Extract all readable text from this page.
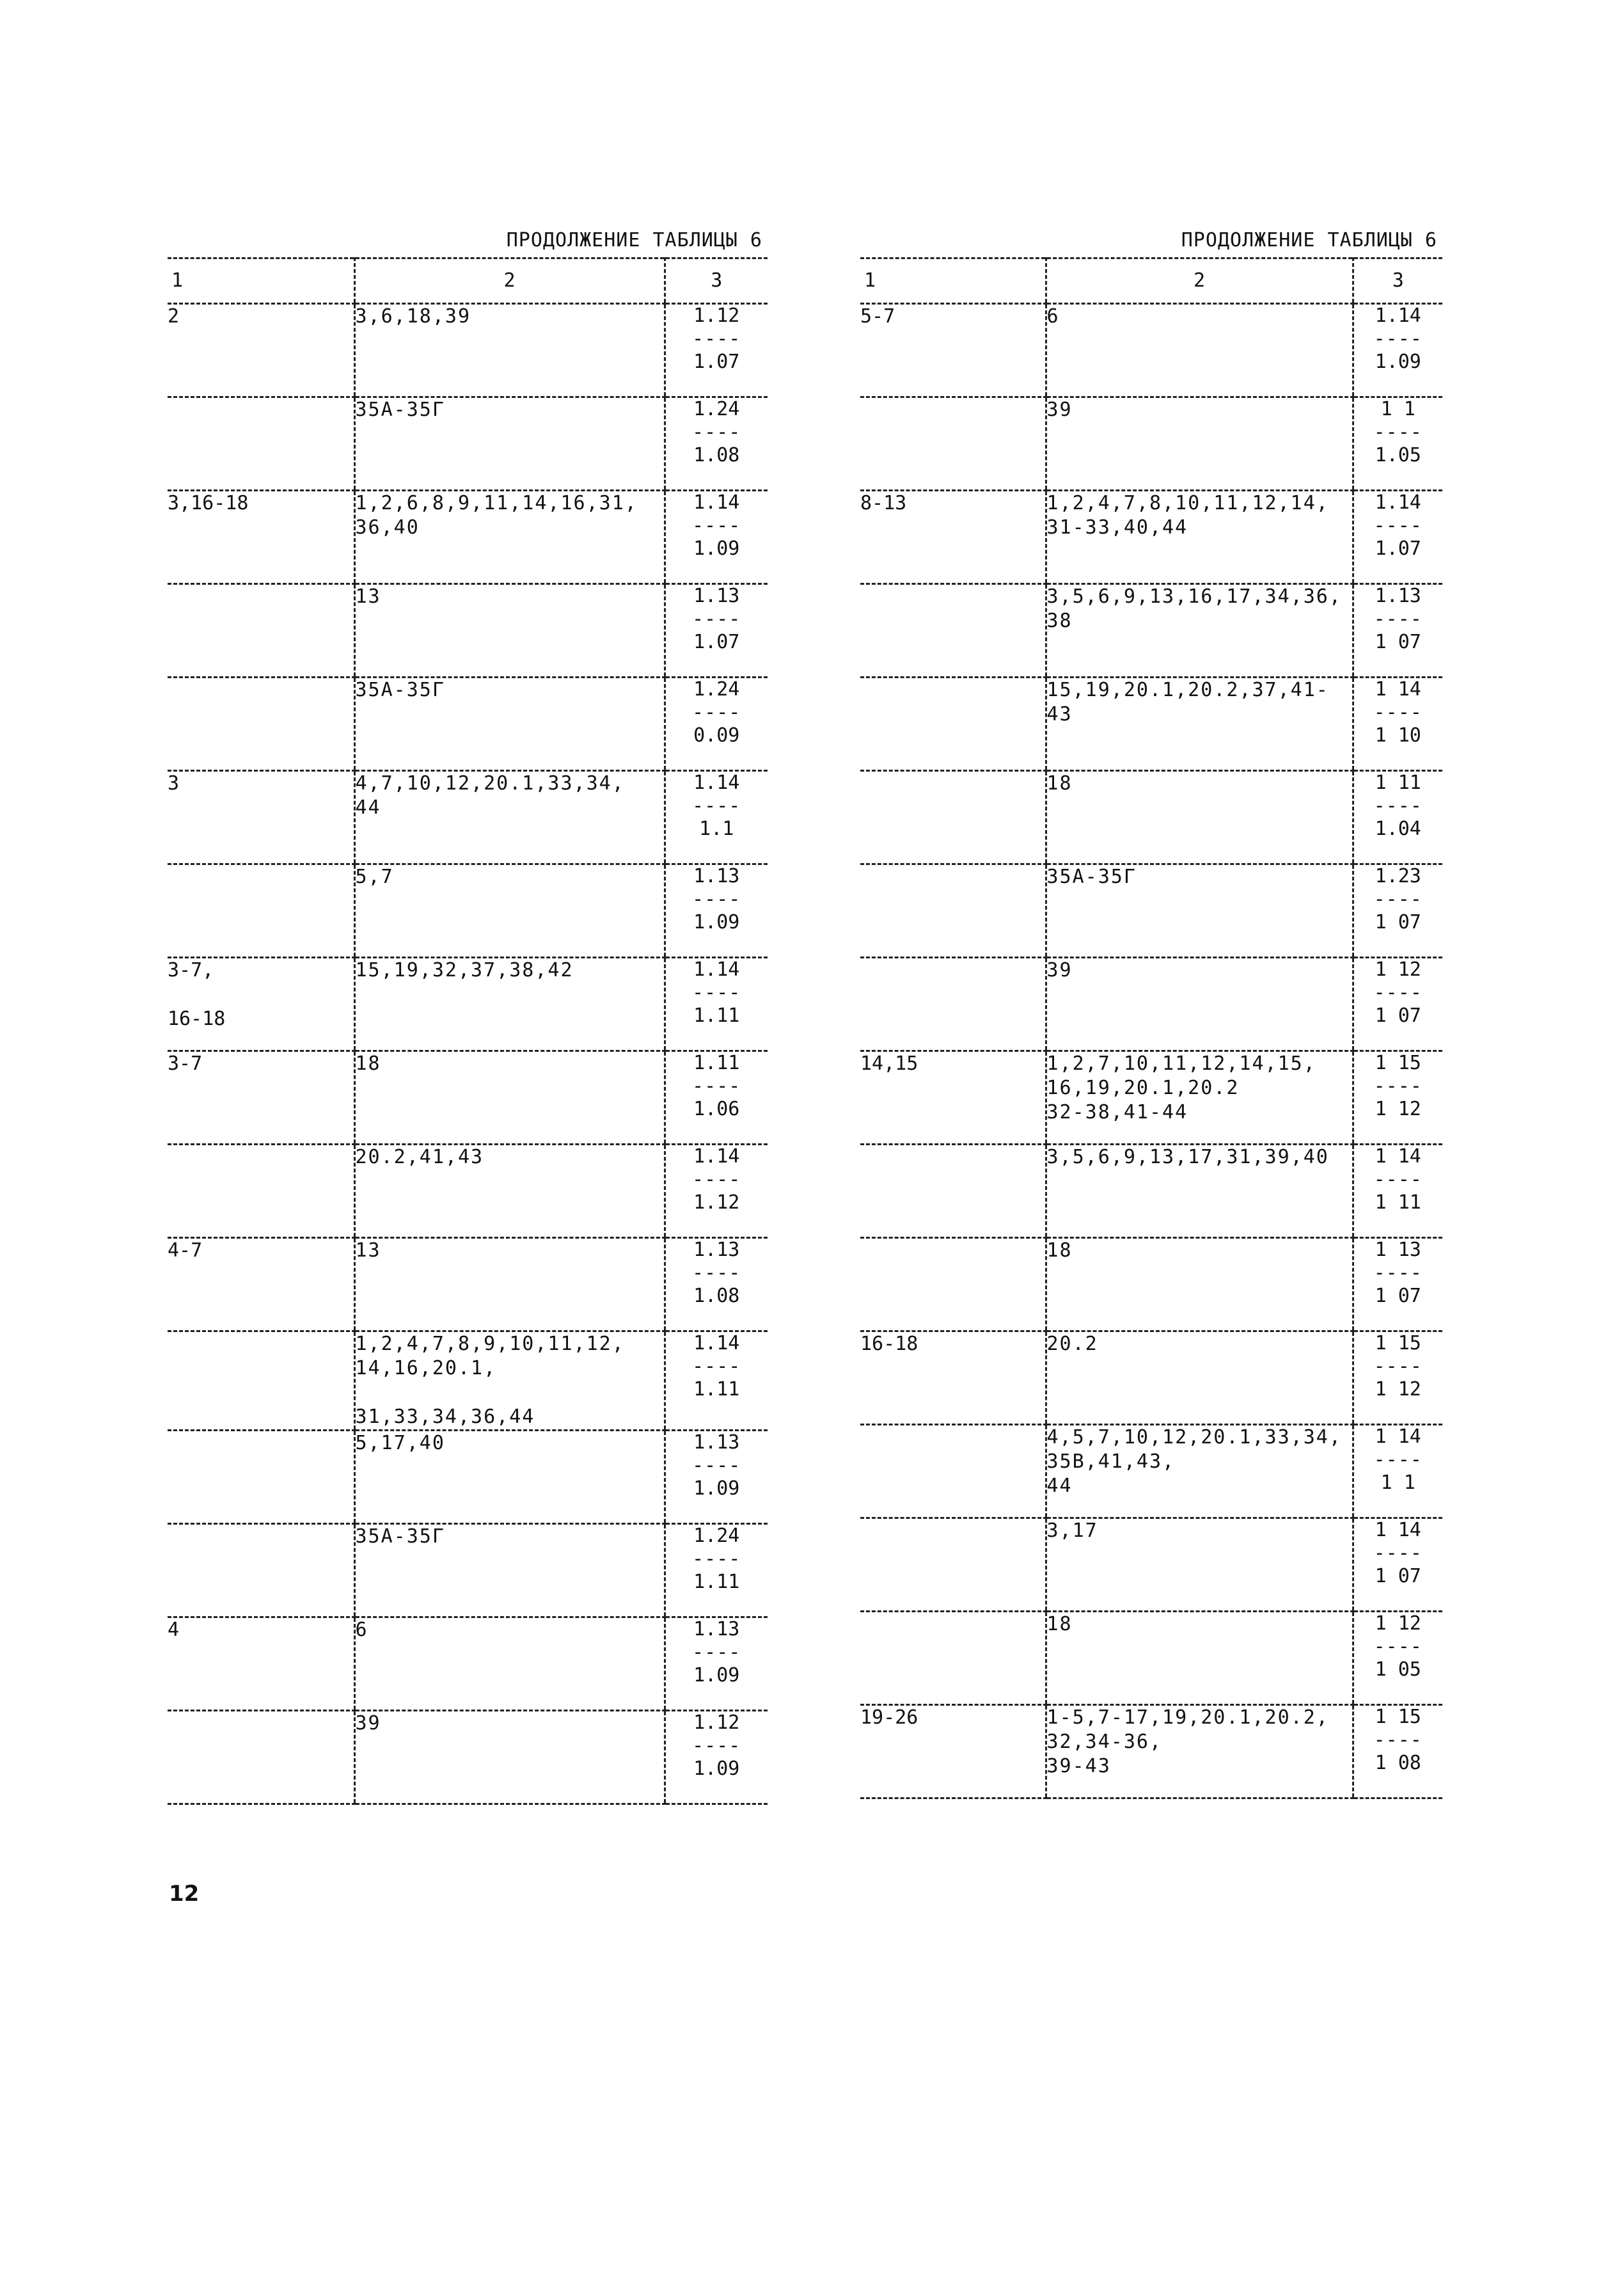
ПРОДОЛЖЕНИЕ ТАБЛИЦЫ 6
1	2	3
2	3,6,18,39	1.12
----
1.07

	35А-35Г	1.24
----
1.08

3,16-18	1,2,6,8,9,11,14,16,31,
36,40	1.14
----
1.09

	13	1.13
----
1.07

	35А-35Г	1.24
----
0.09

3	4,7,10,12,20.1,33,34,
44	1.14
----
1.1

	5,7	1.13
----
1.09

3-7,

16-18	15,19,32,37,38,42	1.14
----
1.11

3-7	18	1.11
----
1.06

	20.2,41,43	1.14
----
1.12

4-7	13	1.13
----
1.08

	1,2,4,7,8,9,10,11,12,
14,16,20.1,

31,33,34,36,44	1.14
----
1.11

	5,17,40	1.13
----
1.09

	35А-35Г	1.24
----
1.11

4	6	1.13
----
1.09

	39	1.12
----
1.09
ПРОДОЛЖЕНИЕ ТАБЛИЦЫ 6
1	2	3
5-7	6	1.14
----
1.09

	39	1 1
----
1.05

8-13	1,2,4,7,8,10,11,12,14,
31-33,40,44	1.14
----
1.07

	3,5,6,9,13,16,17,34,36,
38	1.13
----
1 07

	15,19,20.1,20.2,37,41-
43	1 14
----
1 10

	18	1 11
----
1.04

	35А-35Г	1.23
----
1 07

	39	1 12
----
1 07

14,15	1,2,7,10,11,12,14,15,
16,19,20.1,20.2
32-38,41-44	1 15
----
1 12

	3,5,6,9,13,17,31,39,40	1 14
----
1 11

	18	1 13
----
1 07

16-18	20.2	1 15
----
1 12

	4,5,7,10,12,20.1,33,34,
35В,41,43,
44	1 14
----
1 1

	3,17	1 14
----
1 07

	18	1 12
----
1 05

19-26	1-5,7-17,19,20.1,20.2,
32,34-36,
39-43	1 15
----
1 08
12
